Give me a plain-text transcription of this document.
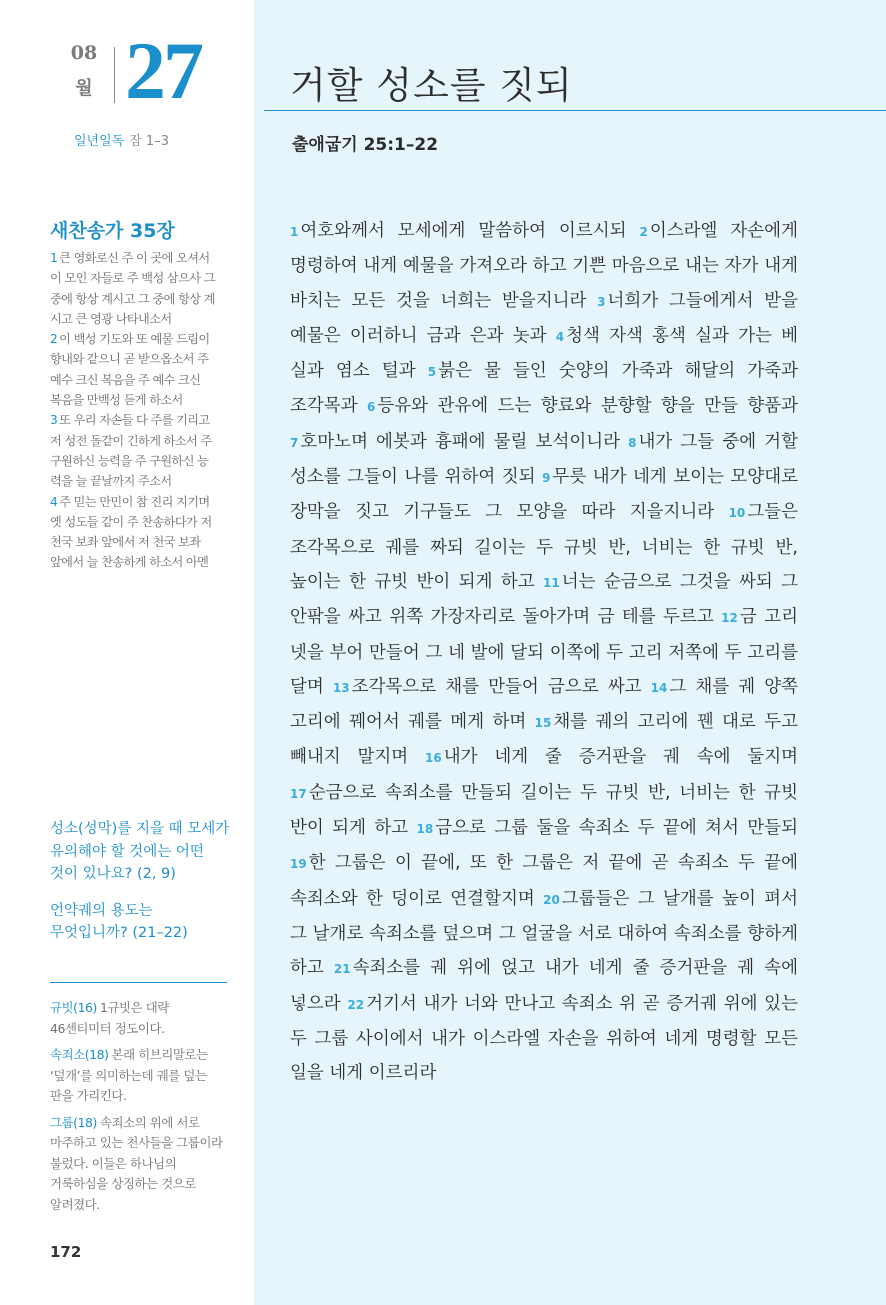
08
월 27
일년일독 잠 1–3
거할 성소를 짓되
출애굽기 25:1–22
1 여호와께서 모세에게 말씀하여 이르시되 2 이스라엘 자손에게 명령하여 내게 예물을 가져오라 하고 기쁜 마음으로 내는 자가 내게 바치는 모든 것을 너희는 받을지니라 3 너희가 그들에게서 받을 예물은 이러하니 금과 은과 놋과 4 청색 자색 홍색 실과 가는 베 실과 염소 털과 5 붉은 물 들인 숫양의 가죽과 해달의 가죽과 조각목과 6 등유와 관유에 드는 향료와 분향할 향을 만들 향품과 7 호마노며 에봇과 흉패에 물릴 보석이니라 8 내가 그들 중에 거할 성소를 그들이 나를 위하여 짓되 9 무릇 내가 네게 보이는 모양대로 장막을 짓고 기구들도 그 모양을 따라 지을지니라 10 그들은 조각목으로 궤를 짜되 길이는 두 규빗 반, 너비는 한 규빗 반, 높이는 한 규빗 반이 되게 하고 11 너는 순금으로 그것을 싸되 그 안팎을 싸고 위쪽 가장자리로 돌아가며 금 테를 두르고 12 금 고리 넷을 부어 만들어 그 네 발에 달되 이쪽에 두 고리 저쪽에 두 고리를 달며 13 조각목으로 채를 만들어 금으로 싸고 14 그 채를 궤 양쪽 고리에 꿰어서 궤를 메게 하며 15 채를 궤의 고리에 꿴 대로 두고 빼내지 말지며 16 내가 네게 줄 증거판을 궤 속에 둘지며 17 순금으로 속죄소를 만들되 길이는 두 규빗 반, 너비는 한 규빗 반이 되게 하고 18 금으로 그룹 둘을 속죄소 두 끝에 쳐서 만들되 19 한 그룹은 이 끝에, 또 한 그룹은 저 끝에 곧 속죄소 두 끝에 속죄소와 한 덩이로 연결할지며 20 그룹들은 그 날개를 높이 펴서 그 날개로 속죄소를 덮으며 그 얼굴을 서로 대하여 속죄소를 향하게 하고 21 속죄소를 궤 위에 얹고 내가 네게 줄 증거판을 궤 속에 넣으라 22 거기서 내가 너와 만나고 속죄소 위 곧 증거궤 위에 있는 두 그룹 사이에서 내가 이스라엘 자손을 위하여 네게 명령할 모든 일을 네게 이르리라
새찬송가 35장
1 큰 영화로신 주 이 곳에 오셔서
이 모인 자들로 주 백성 삼으사 그
중에 항상 계시고 그 중에 항상 계
시고 큰 영광 나타내소서
2 이 백성 기도와 또 예물 드림이
향내와 같으니 곧 받으옵소서 주
예수 크신 복음을 주 예수 크신
복음을 만백성 듣게 하소서
3 또 우리 자손들 다 주를 기리고
저 성전 돌같이 긴하게 하소서 주
구원하신 능력을 주 구원하신 능
력을 늘 끝날까지 주소서
4 주 믿는 만민이 참 진리 지기며
옛 성도들 같이 주 찬송하다가 저
천국 보좌 앞에서 저 천국 보좌
앞에서 늘 찬송하게 하소서 아멘

성소(성막)를 지을 때 모세가 유의해야 할 것에는 어떤 것이 있나요? (2, 9)

언약궤의 용도는 무엇입니까? (21–22)

규빗(16) 1규빗은 대략 46센티미터 정도이다.
속죄소(18) 본래 히브리말로는 ‘덮개’를 의미하는데 궤를 덮는 판을 가리킨다.
그룹(18) 속죄소의 위에 서로 마주하고 있는 천사들을 그룹이라 불렀다. 이들은 하나님의 거룩하심을 상징하는 것으로 알려졌다.
172
